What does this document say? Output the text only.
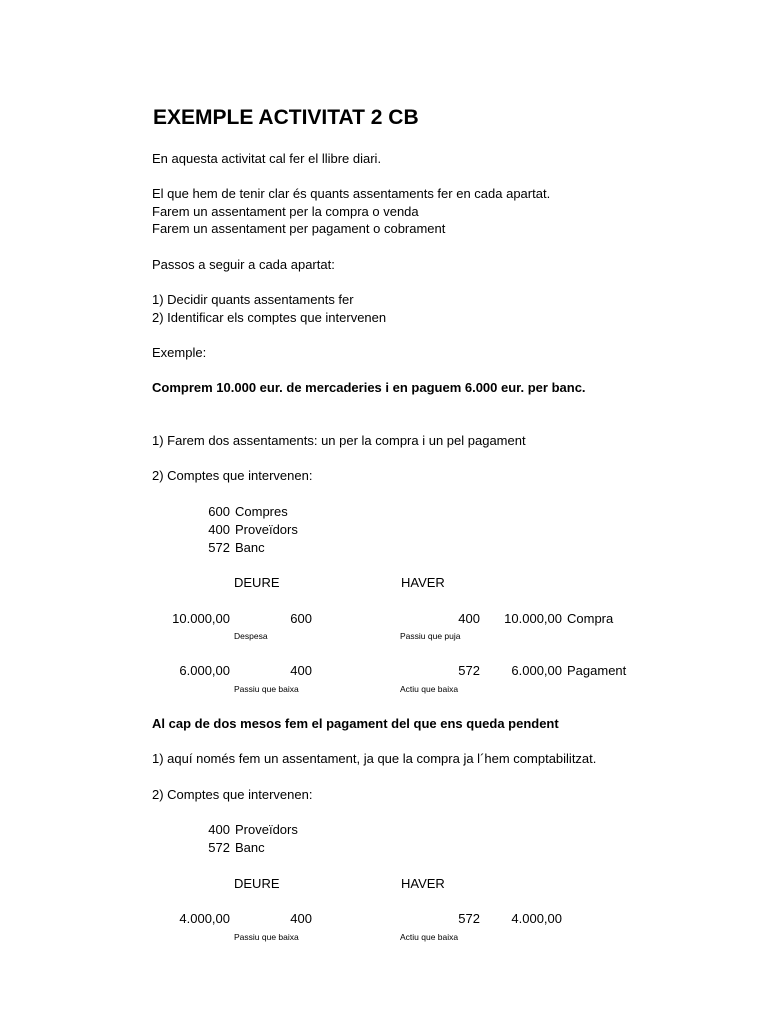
EXEMPLE ACTIVITAT 2 CB
En aquesta activitat cal fer el llibre diari.
El que hem de tenir clar és quants assentaments fer en cada apartat.
Farem un assentament per la compra o venda
Farem un assentament per pagament o cobrament
Passos a seguir a cada apartat:
1) Decidir quants assentaments fer
2) Identificar els comptes que intervenen
Exemple:
Comprem 10.000 eur. de mercaderies i en paguem 6.000 eur. per banc.
1) Farem dos assentaments: un per la compra i un pel pagament
2) Comptes que intervenen:
600 Compres
400 Proveïdors
572 Banc
DEURE	HAVER
10.000,00	600	400	10.000,00 Compra
Despesa	Passiu que puja
6.000,00	400	572	6.000,00 Pagament
Passiu que baixa	Actiu que baixa
Al cap de dos mesos fem el pagament del que ens queda pendent
1) aquí només fem un assentament, ja que la compra ja l´hem comptabilitzat.
2) Comptes que intervenen:
400 Proveïdors
572 Banc
DEURE	HAVER
4.000,00	400	572	4.000,00
Passiu que baixa	Actiu que baixa
